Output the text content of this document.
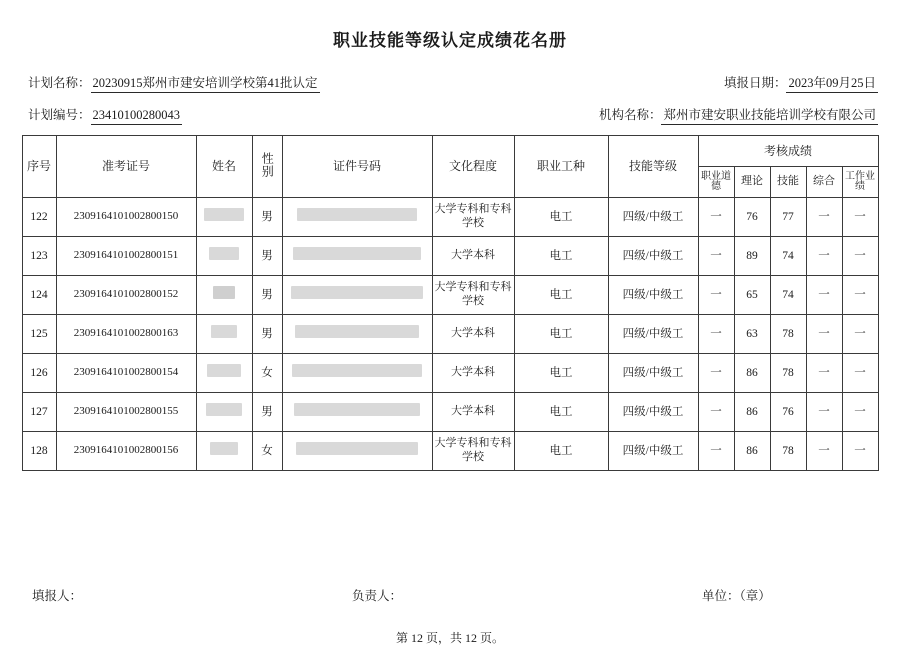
职业技能等级认定成绩花名册
计划名称： 20230915郑州市建安培训学校第41批认定	填报日期： 2023年09月25日
计划编号： 23410100280043	机构名称： 郑州市建安职业技能培训学校有限公司
序号	准考证号	姓名	性别	证件号码	文化程度	职业工种	技能等级	考核成绩				
								职业道德	理论	技能	综合	工作业绩
122	2309164101002800150		男		大学专科和专科学校	电工	四级/中级工	一	76	77	一	一
123	2309164101002800151		男		大学本科	电工	四级/中级工	一	89	74	一	一
124	2309164101002800152		男		大学专科和专科学校	电工	四级/中级工	一	65	74	一	一
125	2309164101002800163		男		大学本科	电工	四级/中级工	一	63	78	一	一
126	2309164101002800154		女		大学本科	电工	四级/中级工	一	86	78	一	一
127	2309164101002800155		男		大学本科	电工	四级/中级工	一	86	76	一	一
128	2309164101002800156		女		大学专科和专科学校	电工	四级/中级工	一	86	78	一	一
填报人：	负责人：	单位：（章）
第 12 页，共 12 页。
